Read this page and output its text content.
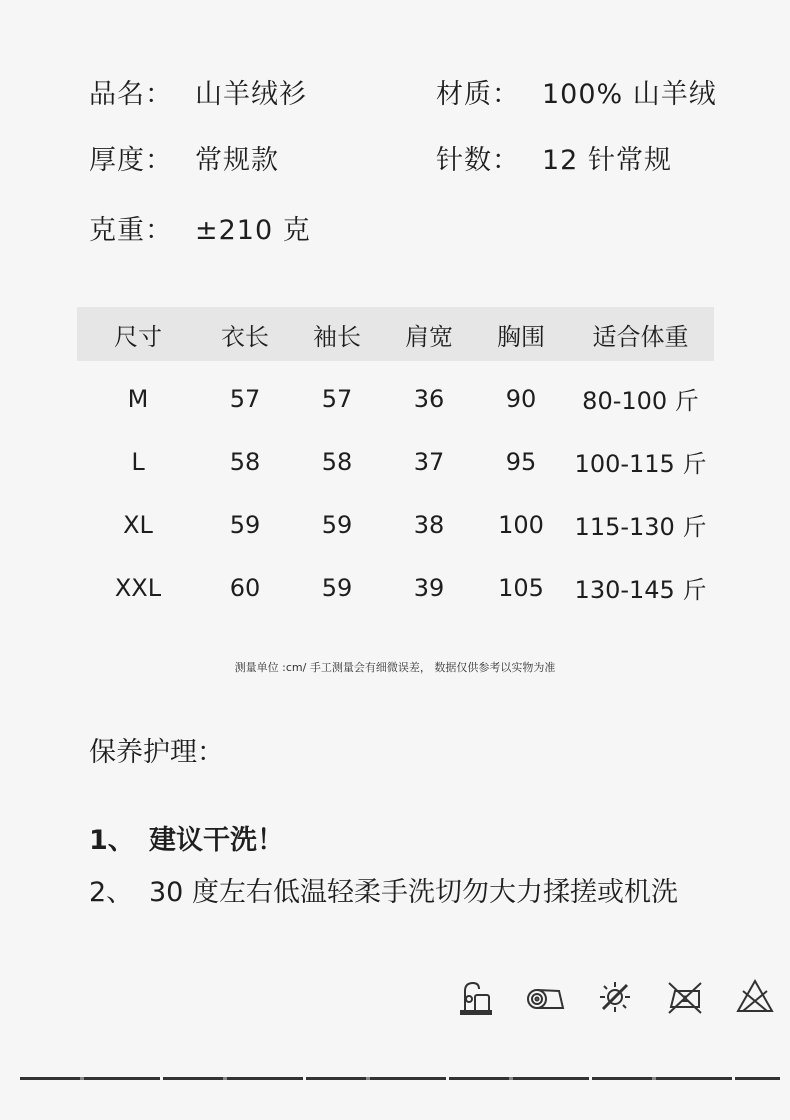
品名： 山羊绒衫	材质： 100% 山羊绒
厚度： 常规款	针数： 12 针常规
克重： ±210 克
尺寸	衣长	袖长	肩宽	胸围	适合体重
M	57	57	36	90	80-100 斤
L	58	58	37	95	100-115 斤
XL	59	59	38	100	115-130 斤
XXL	60	59	39	105	130-145 斤
测量单位 :cm/ 手工测量会有细微误差， 数据仅供参考以实物为准
保养护理：
1、 建议干洗！
2、 30 度左右低温轻柔手洗切勿大力揉搓或机洗
